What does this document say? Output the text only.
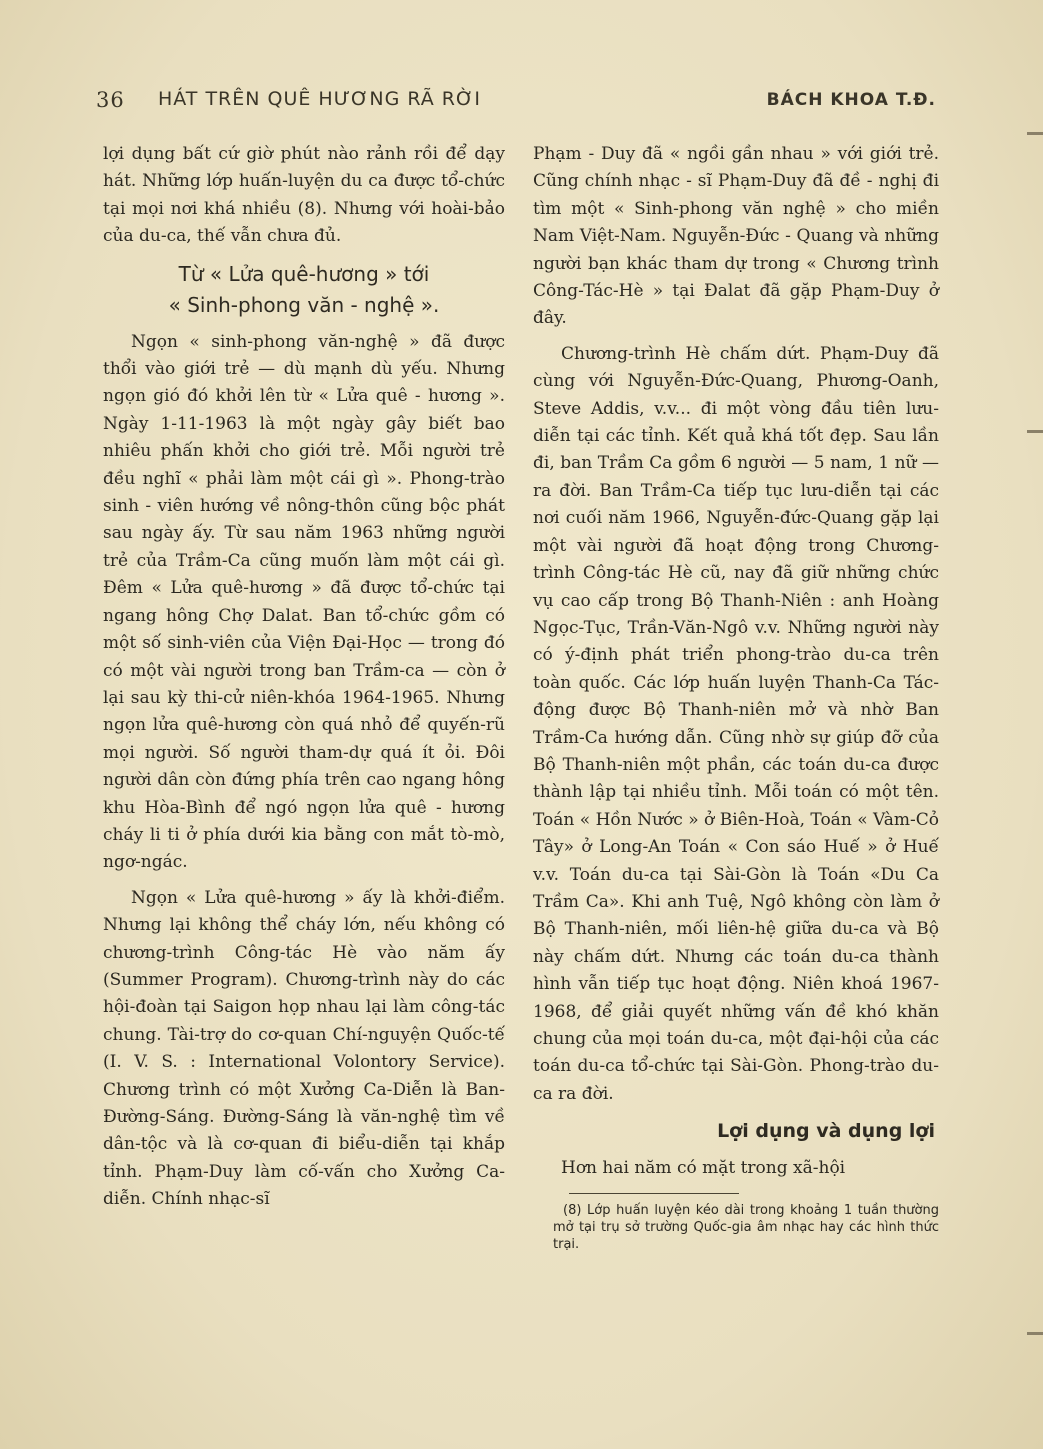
36 HÁT TRÊN QUÊ HƯƠNG RÃ RỜI	BÁCH KHOA T.Đ.

lợi dụng bất cứ giờ phút nào rảnh rồi để dạy hát. Những lớp huấn-luyện du ca được tổ-chức tại mọi nơi khá nhiều (8). Nhưng với hoài-bảo của du-ca, thế vẫn chưa đủ.

Từ « Lửa quê-hương » tới
« Sinh-phong văn - nghệ ».

Ngọn « sinh-phong văn-nghệ » đã được thổi vào giới trẻ — dù mạnh dù yếu. Nhưng ngọn gió đó khởi lên từ « Lửa quê - hương ». Ngày 1-11-1963 là một ngày gây biết bao nhiêu phấn khởi cho giới trẻ. Mỗi người trẻ đều nghĩ « phải làm một cái gì ». Phong-trào sinh - viên hướng về nông-thôn cũng bộc phát sau ngày ấy. Từ sau năm 1963 những người trẻ của Trầm-Ca cũng muốn làm một cái gì. Đêm « Lửa quê-hương » đã được tổ-chức tại ngang hông Chợ Dalat. Ban tổ-chức gồm có một số sinh-viên của Viện Đại-Học — trong đó có một vài người trong ban Trầm-ca — còn ở lại sau kỳ thi-cử niên-khóa 1964-1965. Nhưng ngọn lửa quê-hương còn quá nhỏ để quyến-rũ mọi người. Số người tham-dự quá ít ỏi. Đôi người dân còn đứng phía trên cao ngang hông khu Hòa-Bình để ngó ngọn lửa quê - hương cháy li ti ở phía dưới kia bằng con mắt tò-mò, ngơ-ngác.

Ngọn « Lửa quê-hương » ấy là khởi-điểm. Nhưng lại không thể cháy lớn, nếu không có chương-trình Công-tác Hè vào năm ấy (Summer Program). Chương-trình này do các hội-đoàn tại Saigon họp nhau lại làm công-tác chung. Tài-trợ do cơ-quan Chí-nguyện Quốc-tế (I. V. S. : International Volontory Service). Chương trình có một Xưởng Ca-Diễn là Ban-Đường-Sáng. Đường-Sáng là văn-nghệ tìm về dân-tộc và là cơ-quan đi biểu-diễn tại khắp tỉnh. Phạm-Duy làm cố-vấn cho Xưởng Ca-diễn. Chính nhạc-sĩ

Phạm - Duy đã « ngồi gần nhau » với giới trẻ. Cũng chính nhạc - sĩ Phạm-Duy đã đề - nghị đi tìm một « Sinh-phong văn nghệ » cho miền Nam Việt-Nam. Nguyễn-Đức - Quang và những người bạn khác tham dự trong « Chương trình Công-Tác-Hè » tại Đalat đã gặp Phạm-Duy ở đây.

Chương-trình Hè chấm dứt. Phạm-Duy đã cùng với Nguyễn-Đức-Quang, Phương-Oanh, Steve Addis, v.v... đi một vòng đầu tiên lưu-diễn tại các tỉnh. Kết quả khá tốt đẹp. Sau lần đi, ban Trầm Ca gồm 6 người — 5 nam, 1 nữ — ra đời. Ban Trầm-Ca tiếp tục lưu-diễn tại các nơi cuối năm 1966, Nguyễn-đức-Quang gặp lại một vài người đã hoạt động trong Chương-trình Công-tác Hè cũ, nay đã giữ những chức vụ cao cấp trong Bộ Thanh-Niên : anh Hoàng Ngọc-Tục, Trần-Văn-Ngô v.v. Những người này có ý-định phát triển phong-trào du-ca trên toàn quốc. Các lớp huấn luyện Thanh-Ca Tác-động được Bộ Thanh-niên mở và nhờ Ban Trầm-Ca hướng dẫn. Cũng nhờ sự giúp đỡ của Bộ Thanh-niên một phần, các toán du-ca được thành lập tại nhiều tỉnh. Mỗi toán có một tên. Toán « Hồn Nước » ở Biên-Hoà, Toán « Vàm-Cỏ Tây» ở Long-An Toán « Con sáo Huế » ở Huế v.v. Toán du-ca tại Sài-Gòn là Toán «Du Ca Trầm Ca». Khi anh Tuệ, Ngô không còn làm ở Bộ Thanh-niên, mối liên-hệ giữa du-ca và Bộ này chấm dứt. Nhưng các toán du-ca thành hình vẫn tiếp tục hoạt động. Niên khoá 1967-1968, để giải quyết những vấn đề khó khăn chung của mọi toán du-ca, một đại-hội của các toán du-ca tổ-chức tại Sài-Gòn. Phong-trào du-ca ra đời.

Lợi dụng và dụng lợi

Hơn hai năm có mặt trong xã-hội

(8) Lớp huấn luyện kéo dài trong khoảng 1 tuần thường mở tại trụ sở trường Quốc-gia âm nhạc hay các hình thức trại.
